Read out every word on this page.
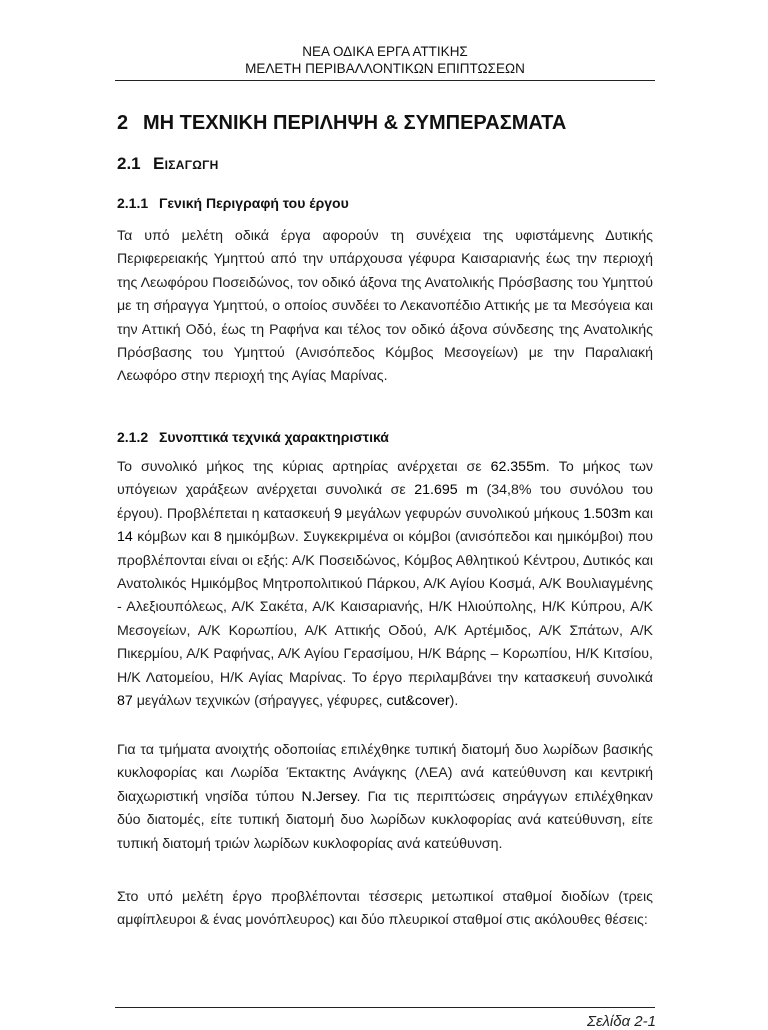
ΝΕΑ ΟΔΙΚΑ ΕΡΓΑ ΑΤΤΙΚΗΣ
ΜΕΛΕΤΗ ΠΕΡΙΒΑΛΛΟΝΤΙΚΩΝ ΕΠΙΠΤΩΣΕΩΝ
2 ΜΗ ΤΕΧΝΙΚΗ ΠΕΡΙΛΗΨΗ & ΣΥΜΠΕΡΑΣΜΑΤΑ
2.1 Εισαγωγη
2.1.1 Γενική Περιγραφή του έργου
Τα υπό μελέτη οδικά έργα αφορούν τη συνέχεια της υφιστάμενης Δυτικής Περιφερειακής Υμηττού από την υπάρχουσα γέφυρα Καισαριανής έως την περιοχή της Λεωφόρου Ποσειδώνος, τον οδικό άξονα της Ανατολικής Πρόσβασης του Υμηττού με τη σήραγγα Υμηττού, ο οποίος συνδέει το Λεκανοπέδιο Αττικής με τα Μεσόγεια και την Αττική Οδό, έως τη Ραφήνα και τέλος τον οδικό άξονα σύνδεσης της Ανατολικής Πρόσβασης του Υμηττού (Ανισόπεδος Κόμβος Μεσογείων) με την Παραλιακή Λεωφόρο στην περιοχή της Αγίας Μαρίνας.
2.1.2 Συνοπτικά τεχνικά χαρακτηριστικά
Το συνολικό μήκος της κύριας αρτηρίας ανέρχεται σε 62.355m. Το μήκος των υπόγειων χαράξεων ανέρχεται συνολικά σε 21.695 m (34,8% του συνόλου του έργου). Προβλέπεται η κατασκευή 9 μεγάλων γεφυρών συνολικού μήκους 1.503m και 14 κόμβων και 8 ημικόμβων. Συγκεκριμένα οι κόμβοι (ανισόπεδοι και ημικόμβοι) που προβλέπονται είναι οι εξής: Α/Κ Ποσειδώνος, Κόμβος Αθλητικού Κέντρου, Δυτικός και Ανατολικός Ημικόμβος Μητροπολιτικού Πάρκου, Α/Κ Αγίου Κοσμά, Α/Κ Βουλιαγμένης - Αλεξιουπόλεως, Α/Κ Σακέτα, Α/Κ Καισαριανής, Η/Κ Ηλιούπολης, Η/Κ Κύπρου, Α/Κ Μεσογείων, Α/Κ Κορωπίου, Α/Κ Αττικής Οδού, Α/Κ Αρτέμιδος, Α/Κ Σπάτων, Α/Κ Πικερμίου, Α/Κ Ραφήνας, Α/Κ Αγίου Γερασίμου, Η/Κ Βάρης – Κορωπίου, Η/Κ Κιτσίου, Η/Κ Λατομείου, Η/Κ Αγίας Μαρίνας. Το έργο περιλαμβάνει την κατασκευή συνολικά 87 μεγάλων τεχνικών (σήραγγες, γέφυρες, cut&cover).
Για τα τμήματα ανοιχτής οδοποιίας επιλέχθηκε τυπική διατομή δυο λωρίδων βασικής κυκλοφορίας και Λωρίδα Έκτακτης Ανάγκης (ΛΕΑ) ανά κατεύθυνση και κεντρική διαχωριστική νησίδα τύπου N.Jersey. Για τις περιπτώσεις σηράγγων επιλέχθηκαν δύο διατομές, είτε τυπική διατομή δυο λωρίδων κυκλοφορίας ανά κατεύθυνση, είτε τυπική διατομή τριών λωρίδων κυκλοφορίας ανά κατεύθυνση.
Στο υπό μελέτη έργο προβλέπονται τέσσερις μετωπικοί σταθμοί διοδίων (τρεις αμφίπλευροι & ένας μονόπλευρος) και δύο πλευρικοί σταθμοί στις ακόλουθες θέσεις:
Σελίδα 2-1
